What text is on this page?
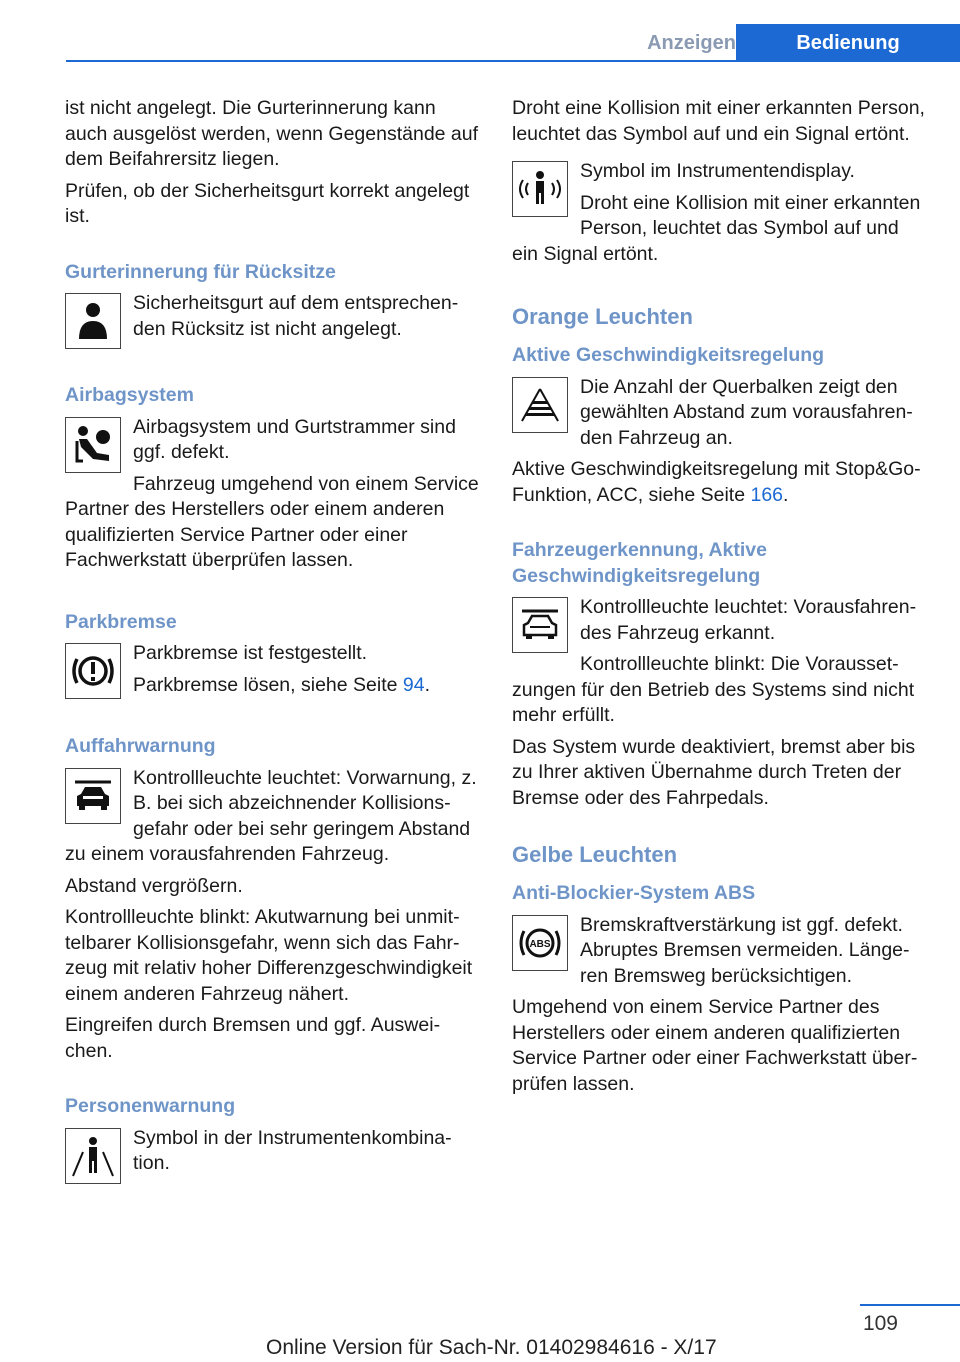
Anzeigen	Bedienung

ist nicht angelegt. Die Gurterinnerung kann auch ausgelöst werden, wenn Gegenstände auf dem Beifahrersitz liegen.

Prüfen, ob der Sicherheitsgurt korrekt angelegt ist.

Gurterinnerung für Rücksitze

Sicherheitsgurt auf dem entsprechenden Rücksitz ist nicht angelegt.

Airbagsystem

Airbagsystem und Gurtstrammer sind ggf. defekt.

Fahrzeug umgehend von einem Service Partner des Herstellers oder einem anderen qualifizierten Service Partner oder einer Fachwerkstatt überprüfen lassen.

Parkbremse

Parkbremse ist festgestellt.

Parkbremse lösen, siehe Seite 94.

Auffahrwarnung

Kontrollleuchte leuchtet: Vorwarnung, z. B. bei sich abzeichnender Kollisionsgefahr oder bei sehr geringem Abstand zu einem vorausfahrenden Fahrzeug.

Abstand vergrößern.

Kontrollleuchte blinkt: Akutwarnung bei unmittelbarer Kollisionsgefahr, wenn sich das Fahrzeug mit relativ hoher Differenzgeschwindigkeit einem anderen Fahrzeug nähert.

Eingreifen durch Bremsen und ggf. Ausweichen.

Personenwarnung

Symbol in der Instrumentenkombination.

Droht eine Kollision mit einer erkannten Person, leuchtet das Symbol auf und ein Signal ertönt.

Symbol im Instrumentendisplay.

Droht eine Kollision mit einer erkannten Person, leuchtet das Symbol auf und ein Signal ertönt.

Orange Leuchten
Aktive Geschwindigkeitsregelung

Die Anzahl der Querbalken zeigt den gewählten Abstand zum vorausfahrenden Fahrzeug an.

Aktive Geschwindigkeitsregelung mit Stop&Go-Funktion, ACC, siehe Seite 166.

Fahrzeugerkennung, Aktive Geschwindigkeitsregelung

Kontrollleuchte leuchtet: Vorausfahrendes Fahrzeug erkannt.

Kontrollleuchte blinkt: Die Voraussetzungen für den Betrieb des Systems sind nicht mehr erfüllt.

Das System wurde deaktiviert, bremst aber bis zu Ihrer aktiven Übernahme durch Treten der Bremse oder des Fahrpedals.

Gelbe Leuchten
Anti-Blockier-System ABS
ABS

Bremskraftverstärkung ist ggf. defekt. Abruptes Bremsen vermeiden. Längeren Bremsweg berücksichtigen.

Umgehend von einem Service Partner des Herstellers oder einem anderen qualifizierten Service Partner oder einer Fachwerkstatt überprüfen lassen.

109
Online Version für Sach-Nr. 01402984616 - X/17
